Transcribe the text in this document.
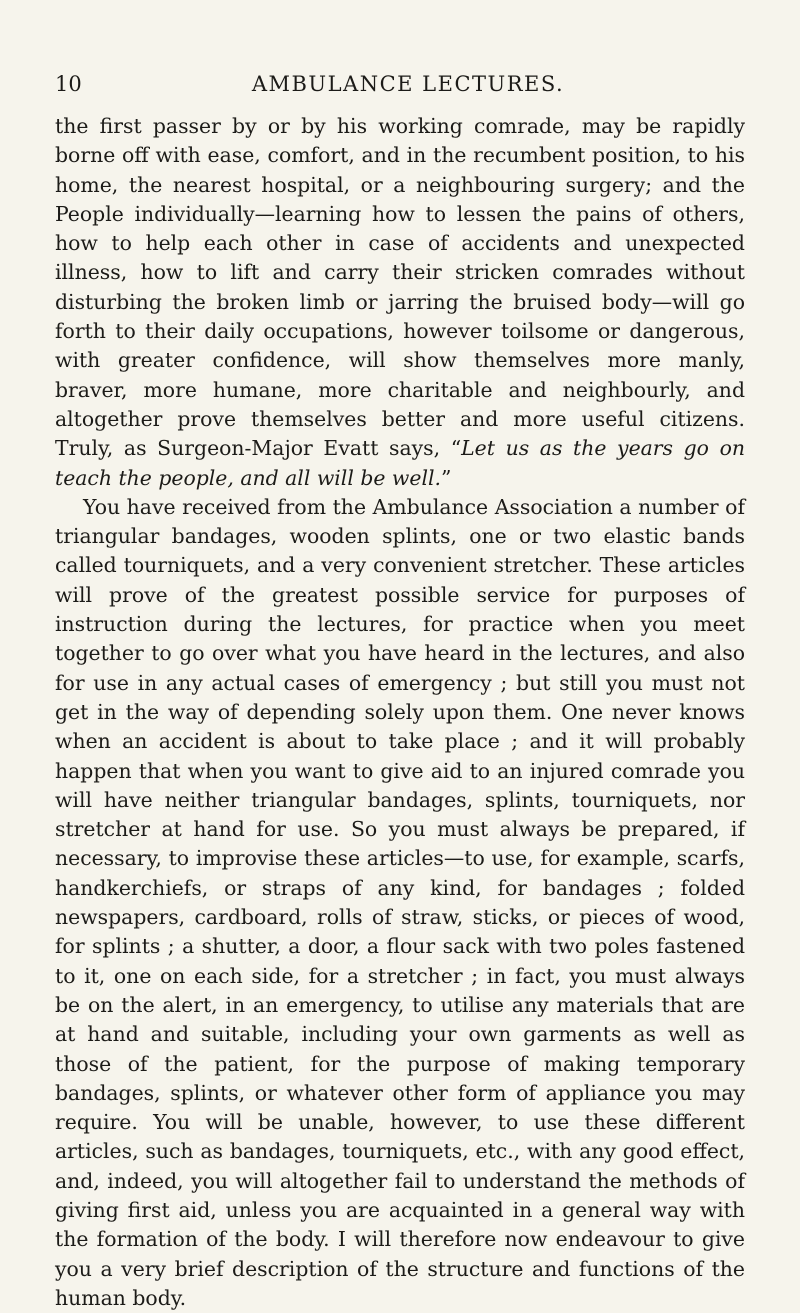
10	AMBULANCE LECTURES.

the first passer by or by his working comrade, may be rapidly borne off with ease, comfort, and in the recumbent position, to his home, the nearest hospital, or a neighbouring surgery; and the People individually—learning how to lessen the pains of others, how to help each other in case of accidents and unexpected illness, how to lift and carry their stricken comrades without disturbing the broken limb or jarring the bruised body—will go forth to their daily occupations, however toilsome or dangerous, with greater confidence, will show themselves more manly, braver, more humane, more charitable and neighbourly, and altogether prove themselves better and more useful citizens. Truly, as Surgeon-Major Evatt says, “Let us as the years go on teach the people, and all will be well.”

You have received from the Ambulance Association a number of triangular bandages, wooden splints, one or two elastic bands called tourniquets, and a very convenient stretcher. These articles will prove of the greatest possible service for purposes of instruction during the lectures, for practice when you meet together to go over what you have heard in the lectures, and also for use in any actual cases of emergency ; but still you must not get in the way of depending solely upon them. One never knows when an accident is about to take place ; and it will probably happen that when you want to give aid to an injured comrade you will have neither triangular bandages, splints, tourniquets, nor stretcher at hand for use. So you must always be prepared, if necessary, to improvise these articles—to use, for example, scarfs, handkerchiefs, or straps of any kind, for bandages ; folded newspapers, cardboard, rolls of straw, sticks, or pieces of wood, for splints ; a shutter, a door, a flour sack with two poles fastened to it, one on each side, for a stretcher ; in fact, you must always be on the alert, in an emergency, to utilise any materials that are at hand and suitable, including your own garments as well as those of the patient, for the purpose of making temporary bandages, splints, or whatever other form of appliance you may require. You will be unable, however, to use these different articles, such as bandages, tourniquets, etc., with any good effect, and, indeed, you will altogether fail to understand the methods of giving first aid, unless you are acquainted in a general way with the formation of the body. I will therefore now endeavour to give you a very brief description of the structure and functions of the human body.
